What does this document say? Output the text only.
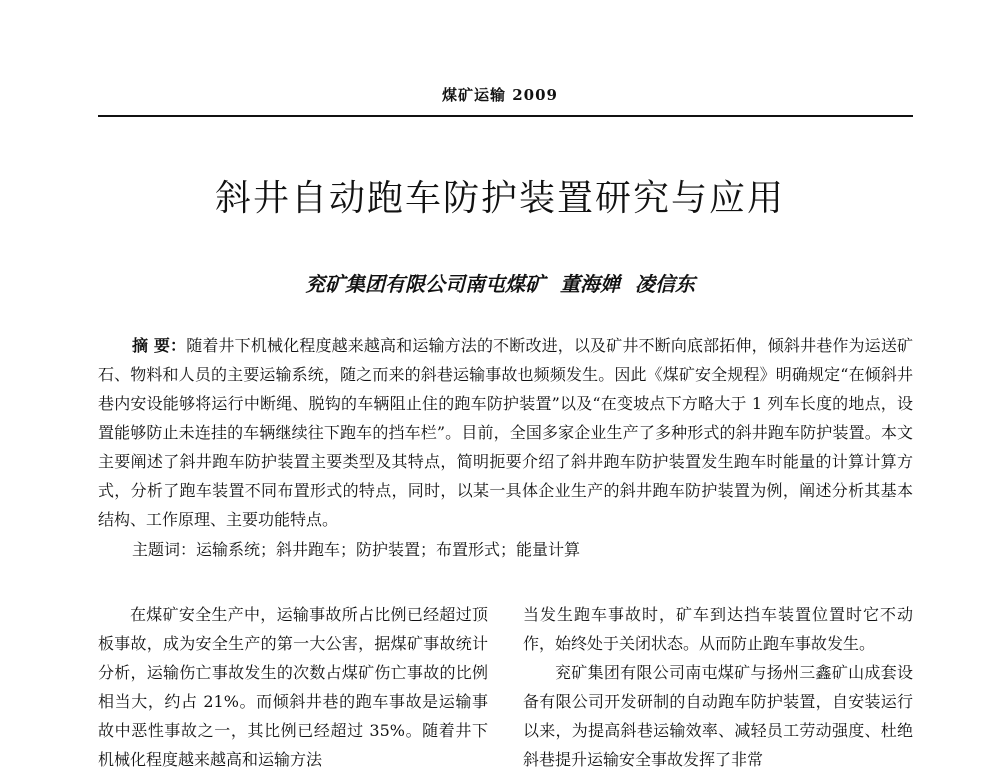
煤矿运输 2009
斜井自动跑车防护装置研究与应用
兖矿集团有限公司南屯煤矿 董海婵 凌信东
摘 要：随着井下机械化程度越来越高和运输方法的不断改进，以及矿井不断向底部拓伸，倾斜井巷作为运送矿石、物料和人员的主要运输系统，随之而来的斜巷运输事故也频频发生。因此《煤矿安全规程》明确规定“在倾斜井巷内安设能够将运行中断绳、脱钩的车辆阻止住的跑车防护装置”以及“在变坡点下方略大于 1 列车长度的地点，设置能够防止未连挂的车辆继续往下跑车的挡车栏”。目前，全国多家企业生产了多种形式的斜井跑车防护装置。本文主要阐述了斜井跑车防护装置主要类型及其特点，简明扼要介绍了斜井跑车防护装置发生跑车时能量的计算计算方式，分析了跑车装置不同布置形式的特点，同时，以某一具体企业生产的斜井跑车防护装置为例，阐述分析其基本结构、工作原理、主要功能特点。
主题词：运输系统；斜井跑车；防护装置；布置形式；能量计算

在煤矿安全生产中，运输事故所占比例已经超过顶板事故，成为安全生产的第一大公害，据煤矿事故统计分析，运输伤亡事故发生的次数占煤矿伤亡事故的比例相当大，约占 21%。而倾斜井巷的跑车事故是运输事故中恶性事故之一，其比例已经超过 35%。随着井下机械化程度越来越高和运输方法

当发生跑车事故时，矿车到达挡车装置位置时它不动作，始终处于关闭状态。从而防止跑车事故发生。

兖矿集团有限公司南屯煤矿与扬州三鑫矿山成套设备有限公司开发研制的自动跑车防护装置，自安装运行以来，为提高斜巷运输效率、减轻员工劳动强度、杜绝斜巷提升运输安全事故发挥了非常
